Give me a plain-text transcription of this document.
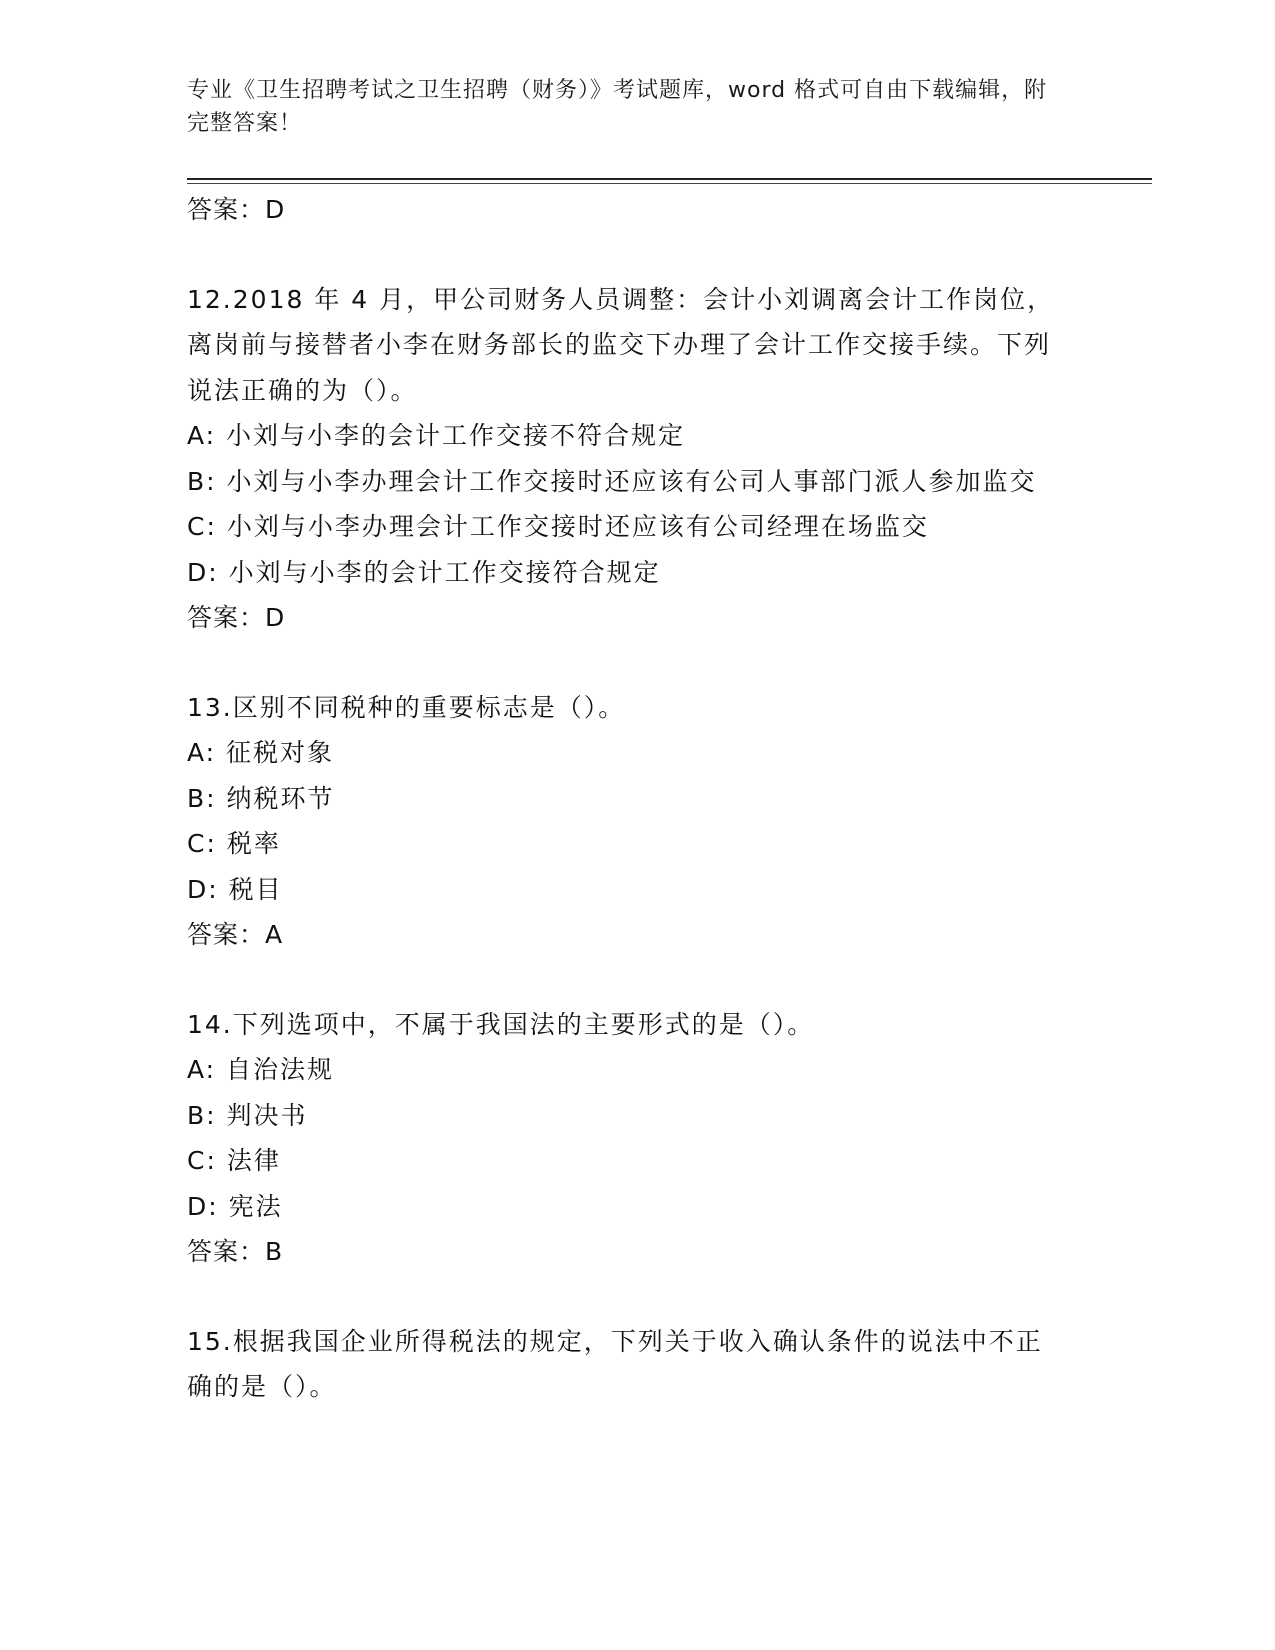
专业《卫生招聘考试之卫生招聘（财务）》考试题库，word 格式可自由下载编辑，附完整答案！
答案：D
12.2018 年 4 月，甲公司财务人员调整：会计小刘调离会计工作岗位，离岗前与接替者小李在财务部长的监交下办理了会计工作交接手续。下列说法正确的为（）。
A: 小刘与小李的会计工作交接不符合规定
B: 小刘与小李办理会计工作交接时还应该有公司人事部门派人参加监交
C: 小刘与小李办理会计工作交接时还应该有公司经理在场监交
D: 小刘与小李的会计工作交接符合规定
答案：D
13.区别不同税种的重要标志是（）。
A: 征税对象
B: 纳税环节
C: 税率
D: 税目
答案：A
14.下列选项中，不属于我国法的主要形式的是（）。
A: 自治法规
B: 判决书
C: 法律
D: 宪法
答案：B
15.根据我国企业所得税法的规定，下列关于收入确认条件的说法中不正确的是（）。
